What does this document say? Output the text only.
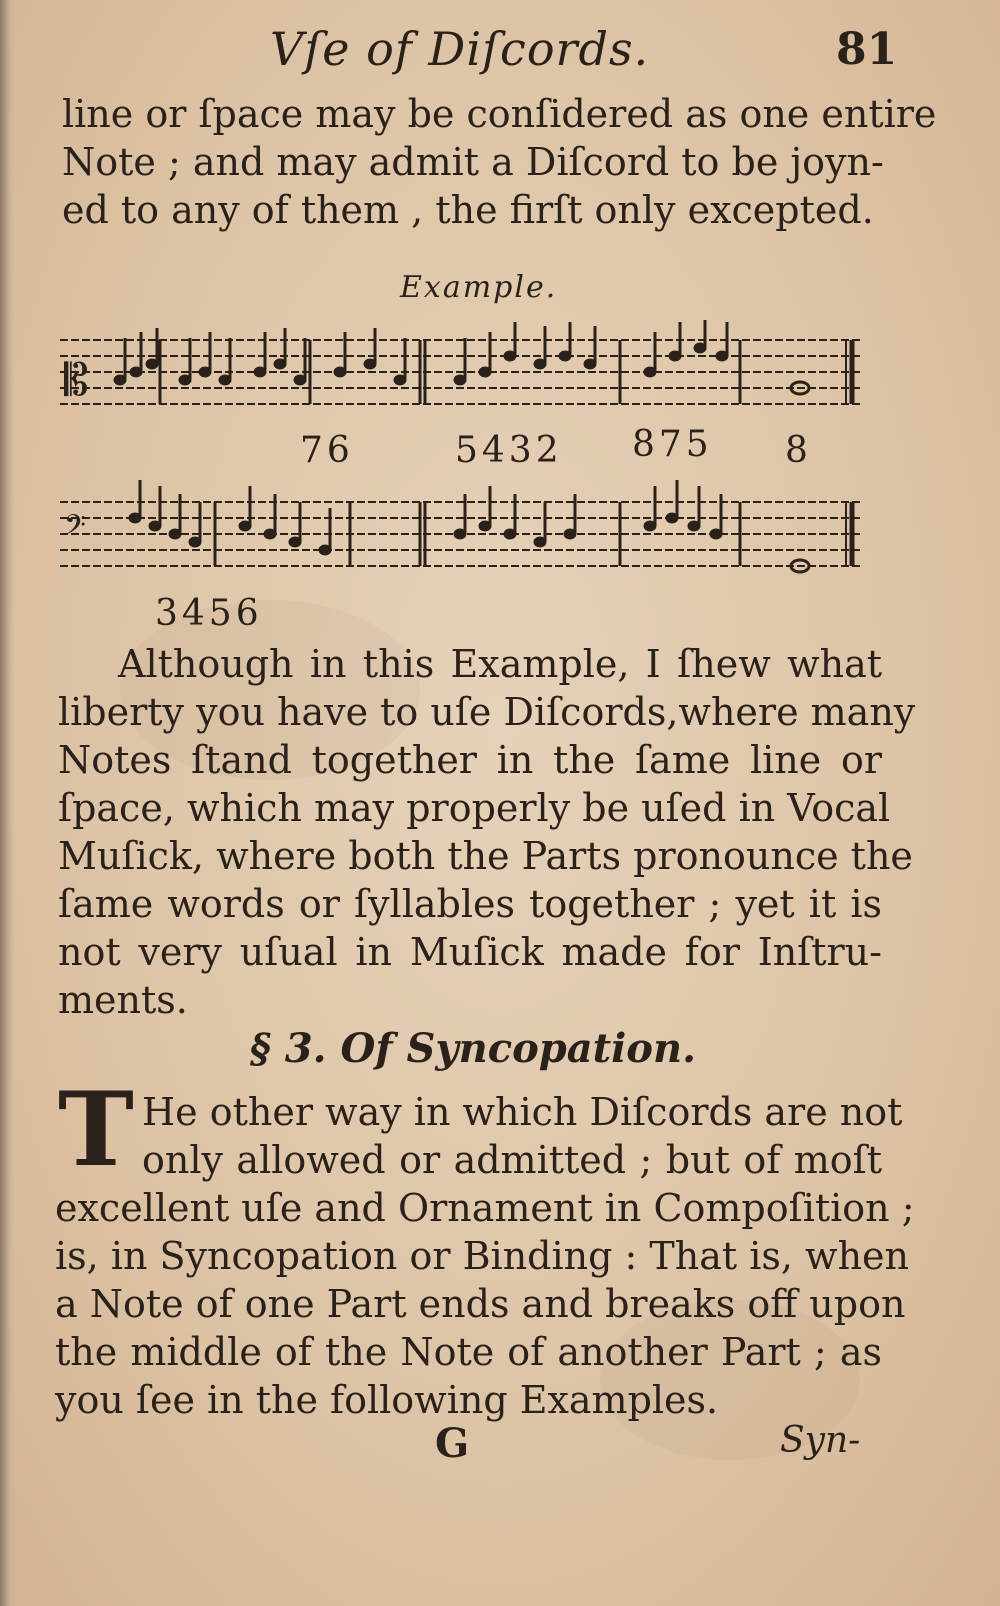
Vſe of Diſcords.	81
line or ſpace may be conſidered as one entire
Note ; and may admit a Diſcord to be joyn-
ed to any of them , the firſt only excepted.
Example.
𝄡
76	5432 875 8
𝄢
3456
Although in this Example, I ſhew what
liberty you have to uſe Diſcords,where many
Notes ſtand together in the ſame line or
ſpace, which may properly be uſed in Vocal
Muſick, where both the Parts pronounce the
ſame words or ſyllables together ; yet it is
not very uſual in Muſick made for Inſtru-
ments.
§ 3. Of Syncopation.
T He other way in which Diſcords are not
only allowed or admitted ; but of moſt
excellent uſe and Ornament in Compoſition ;
is, in Syncopation or Binding : That is, when
a Note of one Part ends and breaks off upon
the middle of the Note of another Part ; as
you ſee in the following Examples.
G	Syn-
